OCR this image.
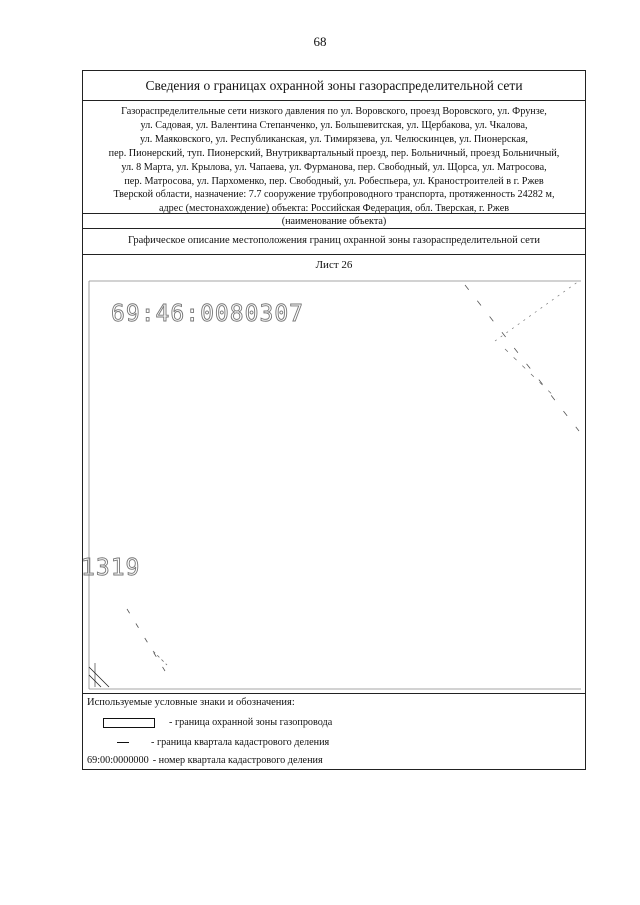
68
Сведения о границах охранной зоны газораспределительной сети
Газораспределительные сети низкого давления по ул. Воровского, проезд Воровского, ул. Фрунзе,
ул. Садовая, ул. Валентина Степанченко, ул. Большевитская, ул. Щербакова, ул. Чкалова,
ул. Маяковского, ул. Республиканская, ул. Тимирязева, ул. Челюскинцев, ул. Пионерская,
пер. Пионерский, туп. Пионерский, Внутриквартальный проезд, пер. Больничный, проезд Больничный,
ул. 8 Марта, ул. Крылова, ул. Чапаева, ул. Фурманова, пер. Свободный, ул. Щорса, ул. Матросова,
пер. Матросова, ул. Пархоменко, пер. Свободный, ул. Робеспьера, ул. Краностроителей в г. Ржев
Тверской области, назначение: 7.7 сооружение трубопроводного транспорта, протяженность 24282 м,
адрес (местонахождение) объекта: Российская Федерация, обл. Тверская, г. Ржев
(наименование объекта)
Графическое описание местоположения границ охранной зоны газораспределительной сети
Лист 26
69:46:0080307
1319
Используемые условные знаки и обозначения:
- граница охранной зоны газопровода
- граница квартала кадастрового деления
69:00:0000000 - номер квартала кадастрового деления
